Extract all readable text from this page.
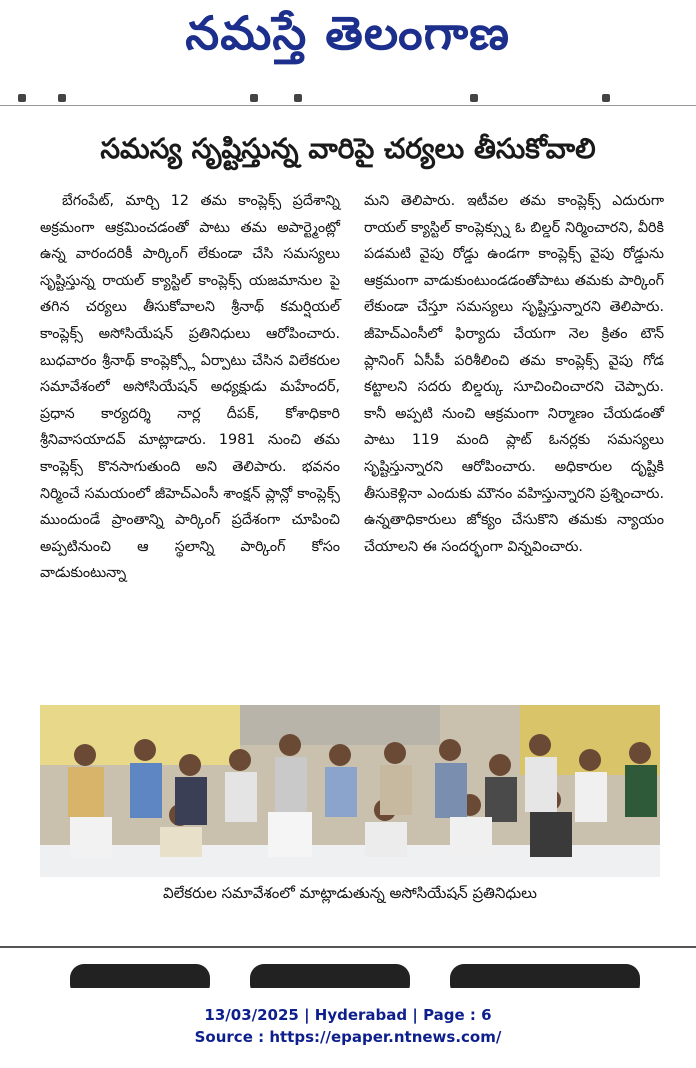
నమస్తే తెలంగాణ
సమస్య సృష్టిస్తున్న వారిపై చర్యలు తీసుకోవాలి

బేగంపేట్, మార్చి 12 తమ కాంప్లెక్స్ ప్రదేశాన్ని అక్రమంగా ఆక్రమించడంతో పాటు తమ అపార్ట్మెంట్లో ఉన్న వారందరికీ పార్కింగ్ లేకుండా చేసి సమస్యలు సృష్టిస్తున్న రాయల్ క్యాస్టిల్ కాంప్లెక్స్ యజమానుల పై తగిన చర్యలు తీసుకోవాలని శ్రీనాథ్ కమర్షియల్ కాంప్లెక్స్ అసోసియేషన్ ప్రతినిధులు ఆరోపించారు. బుధవారం శ్రీనాథ్ కాంప్లెక్స్లో ఏర్పాటు చేసిన విలేకరుల సమావేశంలో అసోసియేషన్ అధ్యక్షుడు మహేందర్, ప్రధాన కార్యదర్శి నార్ల దీపక్, కోశాధికారి శ్రీనివాసయాదవ్ మాట్లాడారు. 1981 నుంచి తమ కాంప్లెక్స్ కొనసాగుతుంది అని తెలిపారు. భవనం నిర్మించే సమయంలో జీహెచ్ఎంసీ శాంక్షన్ ప్లాన్లో కాంప్లెక్స్ ముందుండే ప్రాంతాన్ని పార్కింగ్ ప్రదేశంగా చూపించి అప్పటినుంచి ఆ స్థలాన్ని పార్కింగ్ కోసం వాడుకుంటున్నా

మని తెలిపారు. ఇటీవల తమ కాంప్లెక్స్ ఎదురుగా రాయల్ క్యాస్టిల్ కాంప్లెక్స్ను ఓ బిల్డర్ నిర్మించారని, వీరికి పడమటి వైపు రోడ్డు ఉండగా కాంప్లెక్స్ వైపు రోడ్డును ఆక్రమంగా వాడుకుంటుండడంతోపాటు తమకు పార్కింగ్ లేకుండా చేస్తూ సమస్యలు సృష్టిస్తున్నారని తెలిపారు. జీహెచ్ఎంసీలో ఫిర్యాదు చేయగా నెల క్రితం టౌన్ ప్లానింగ్ ఏసీపీ పరిశీలించి తమ కాంప్లెక్స్ వైపు గోడ కట్టాలని సదరు బిల్డర్కు సూచించించారని చెప్పారు. కానీ అప్పటి నుంచి ఆక్రమంగా నిర్మాణం చేయడంతో పాటు 119 మంది ప్లాట్ ఓనర్లకు సమస్యలు సృష్టిస్తున్నారని ఆరోపించారు. అధికారుల దృష్టికి తీసుకెళ్లినా ఎందుకు మౌనం వహిస్తున్నారని ప్రశ్నించారు. ఉన్నతాధికారులు జోక్యం చేసుకొని తమకు న్యాయం చేయాలని ఈ సందర్భంగా విన్నవించారు.

విలేకరుల సమావేశంలో మాట్లాడుతున్న అసోసియేషన్ ప్రతినిధులు
13/03/2025 | Hyderabad | Page : 6
Source : https://epaper.ntnews.com/
